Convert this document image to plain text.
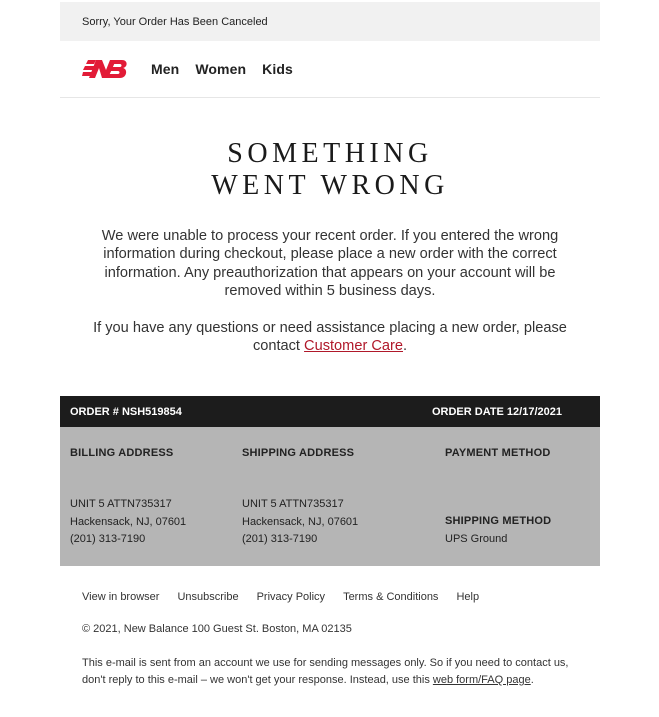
Sorry, Your Order Has Been Canceled
Men Women Kids
SOMETHING
WENT WRONG

We were unable to process your recent order. If you entered the wrong information during checkout, please place a new order with the correct information. Any preauthorization that appears on your account will be removed within 5 business days.

If you have any questions or need assistance placing a new order, please contact Customer Care.

ORDER # NSH519854	ORDER DATE 12/17/2021
BILLING ADDRESS
UNIT 5 ATTN735317
Hackensack, NJ, 07601
(201) 313-7190
SHIPPING ADDRESS
UNIT 5 ATTN735317
Hackensack, NJ, 07601
(201) 313-7190
PAYMENT METHOD
SHIPPING METHOD
UPS Ground
View in browser Unsubscribe Privacy Policy Terms & Conditions Help
© 2021, New Balance 100 Guest St. Boston, MA 02135
This e-mail is sent from an account we use for sending messages only. So if you need to contact us, don't reply to this e-mail – we won't get your response. Instead, use this web form/FAQ page.
